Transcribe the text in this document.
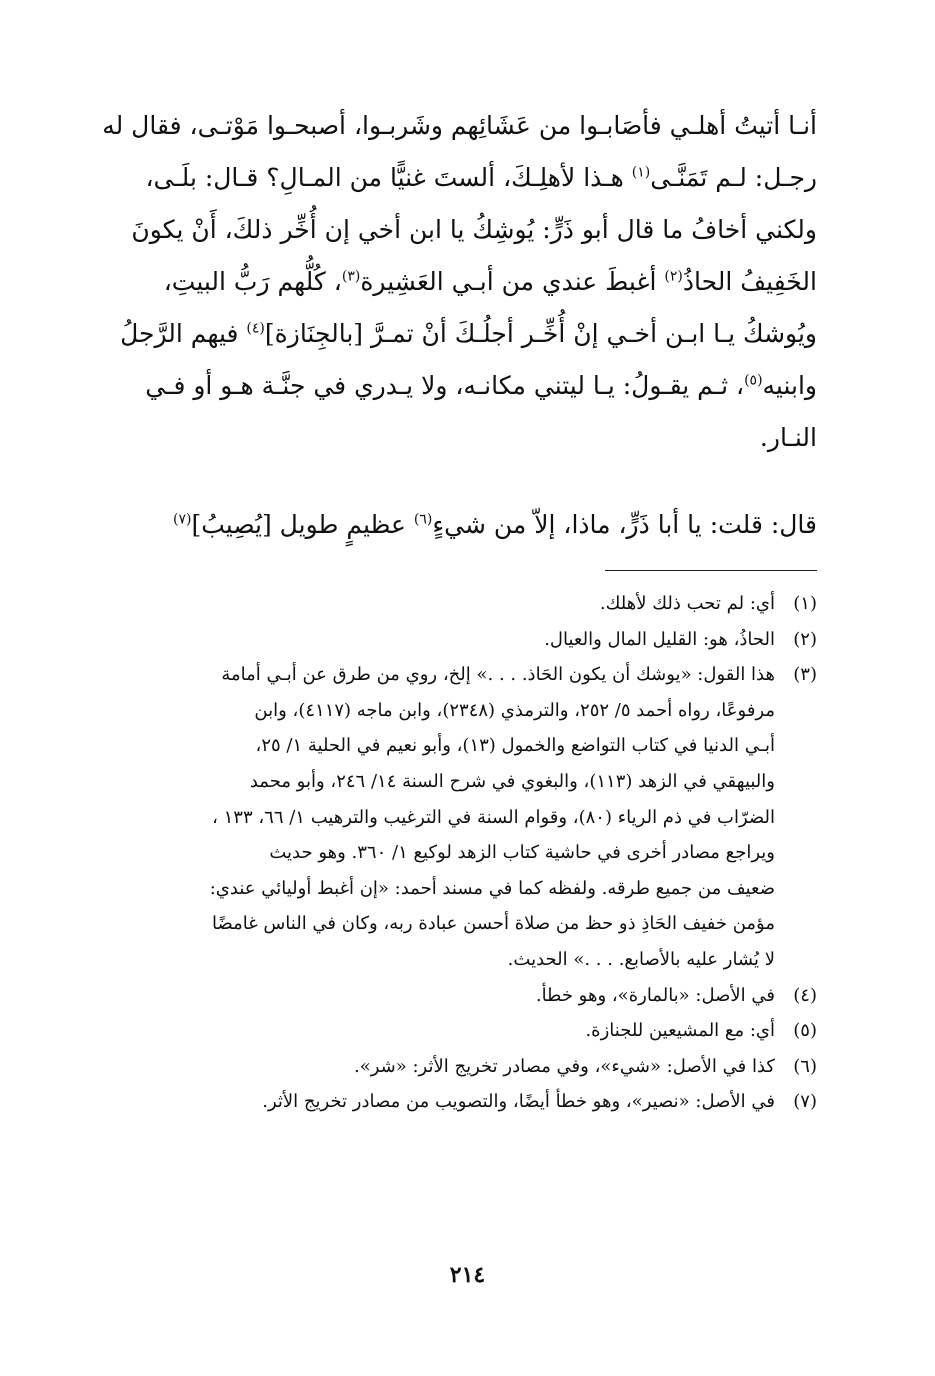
أنـا أتيتُ أهلـي فأصَابـوا من عَشَائِهم وشَربـوا، أصبحـوا مَوْتـى، فقال له
رجـل: لـم تَمَنَّـى$^{(١)}$ هـذا لأهلِـكَ، ألستَ غنيًّا من المـالِ؟ قـال: بلَـى،
ولكني أخافُ ما قال أبو ذَرٍّ: يُوشِكُ يا ابن أخي إن أُخِّر ذلكَ، أَنْ يكونَ
الخَفِيفُ الحاذُ$^{(٢)}$ أغبطَ عندي من أبـي العَشِيرة$^{(٣)}$، كُلُّهم رَبُّ البيتِ،
ويُوشكُ يـا ابـن أخـي إنْ أُخِّـر أجلُـكَ أنْ تمـرَّ [بالجِنَازة]$^{(٤)}$ فيهم الرَّجلُ
وابنيه$^{(٥)}$، ثـم يقـولُ: يـا ليتني مكانـه، ولا يـدري في جنَّـة هـو أو فـي
النـار.
قال: قلت: يا أبا ذَرٍّ، ماذا، إلاّ من شيءٍ$^{(٦)}$ عظيمٍ طويل [يُصِيبُ]$^{(٧)}$
(١)
أي: لم تحب ذلك لأهلك.
(٢)
الحاذُ، هو: القليل المال والعيال.
(٣)
هذا القول: «يوشك أن يكون الحَاذ. . . .» إلخ، روي من طرق عن أبـي أمامة
مرفوعًا، رواه أحمد ٥/ ٢٥٢، والترمذي (٢٣٤٨)، وابن ماجه (٤١١٧)، وابن
أبـي الدنيا في كتاب التواضع والخمول (١٣)، وأبو نعيم في الحلية ١/ ٢٥،
والبيهقي في الزهد (١١٣)، والبغوي في شرح السنة ١٤/ ٢٤٦، وأبو محمد
الضرّاب في ذم الرياء (٨٠)، وقوام السنة في الترغيب والترهيب ١/ ٦٦، ١٣٣ ،
ويراجع مصادر أخرى في حاشية كتاب الزهد لوكيع ١/ ٣٦٠. وهو حديث
ضعيف من جميع طرقه. ولفظه كما في مسند أحمد: «إن أغبط أوليائي عندي:
مؤمن خفيف الحَاذِ ذو حظ من صلاة أحسن عبادة ربه، وكان في الناس غامضًا
لا يُشار عليه بالأصابع. . . .» الحديث.
(٤)
في الأصل: «بالمارة»، وهو خطأ.
(٥)
أي: مع المشيعين للجنازة.
(٦)
كذا في الأصل: «شيء»، وفي مصادر تخريج الأثر: «شر».
(٧)
في الأصل: «نصير»، وهو خطأ أيضًا، والتصويب من مصادر تخريج الأثر.
٢١٤
